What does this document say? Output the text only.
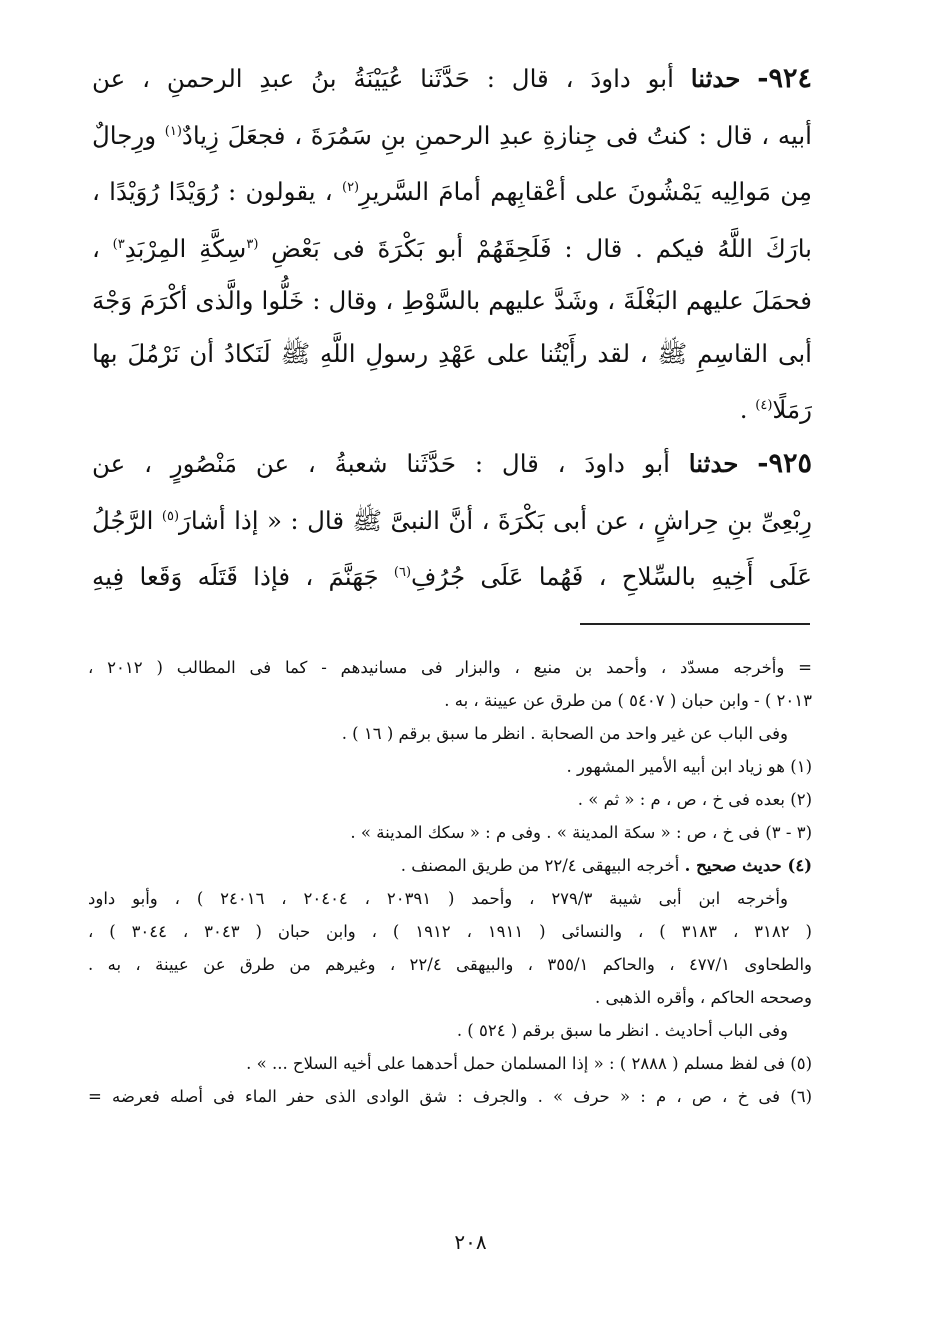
٩٢٤- حدثنا أبو داودَ ، قال : حَدَّثَنا عُيَيْنَةُ بنُ عبدِ الرحمنِ ، عن
أبيه ، قال : كنتُ فى جِنازةِ عبدِ الرحمنِ بنِ سَمُرَةَ ، فجعَلَ زِيادٌ$^{(١)}$ ورِجالٌ
مِن مَوالِيه يَمْشُونَ على أعْقابِهم أمامَ السَّريرِ$^{(٢)}$ ، يقولون : رُوَيْدًا رُوَيْدًا ،
بارَكَ اللَّهُ فيكم . قال : فَلَحِقَهُمْ أبو بَكْرَةَ فى بَعْضِ $^{(٣}$سِكَّةِ المِرْبَدِ$^{٣)}$ ،
فحمَلَ عليهم البَغْلَةَ ، وشَدَّ عليهم بالسَّوْطِ ، وقال : خَلُّوا والَّذى أكْرَمَ وَجْهَ
أبى القاسِمِ ﷺ ، لقد رأَيْتُنا على عَهْدِ رسولِ اللَّهِ ﷺ لَنَكادُ أن نَرْمُلَ بها
رَمَلًا$^{(٤)}$ .
٩٢٥- حدثنا أبو داودَ ، قال : حَدَّثَنا شعبةُ ، عن مَنْصُورٍ ، عن
رِبْعِىِّ بنِ حِراشٍ ، عن أبى بَكْرَةَ ، أنَّ النبىَّ ﷺ قال : « إذا أشارَ$^{(٥)}$ الرَّجُلُ
عَلَى أَخِيهِ بالسِّلاحِ ، فَهُما عَلَى جُرُفِ$^{(٦)}$ جَهَنَّمَ ، فإذا قَتَلَه وَقَعا فِيهِ
= وأخرجه مسدّد ، وأحمد بن منيع ، والبزار فى مسانيدهم - كما فى المطالب ( ٢٠١٢ ،
٢٠١٣ ) - وابن حبان ( ٥٤٠٧ ) من طرق عن عيينة ، به .
وفى الباب عن غير واحد من الصحابة . انظر ما سبق برقم ( ١٦ ) .
(١) هو زياد ابن أبيه الأمير المشهور .
(٢) بعده فى خ ، ص ، م : « ثم » .
(٣ - ٣) فى خ ، ص : « سكة المدينة » . وفى م : « سكك المدينة » .
(٤) حديث صحيح . أخرجه البيهقى ٢٢/٤ من طريق المصنف .
وأخرجه ابن أبى شيبة ٢٧٩/٣ ، وأحمد ( ٢٠٣٩١ ، ٢٠٤٠٤ ، ٢٤٠١٦ ) ، وأبو داود
( ٣١٨٢ ، ٣١٨٣ ) ، والنسائى ( ١٩١١ ، ١٩١٢ ) ، وابن حبان ( ٣٠٤٣ ، ٣٠٤٤ ) ،
والطحاوى ٤٧٧/١ ، والحاكم ٣٥٥/١ ، والبيهقى ٢٢/٤ ، وغيرهم من طرق عن عيينة ، به .
وصححه الحاكم ، وأقره الذهبى .
وفى الباب أحاديث . انظر ما سبق برقم ( ٥٢٤ ) .
(٥) فى لفظ مسلم ( ٢٨٨٨ ) : « إذا المسلمان حمل أحدهما على أخيه السلاح ... » .
(٦) فى خ ، ص ، م : « حرف » . والجرف : شق الوادى الذى حفر الماء فى أصله فعرضه =
٢٠٨
